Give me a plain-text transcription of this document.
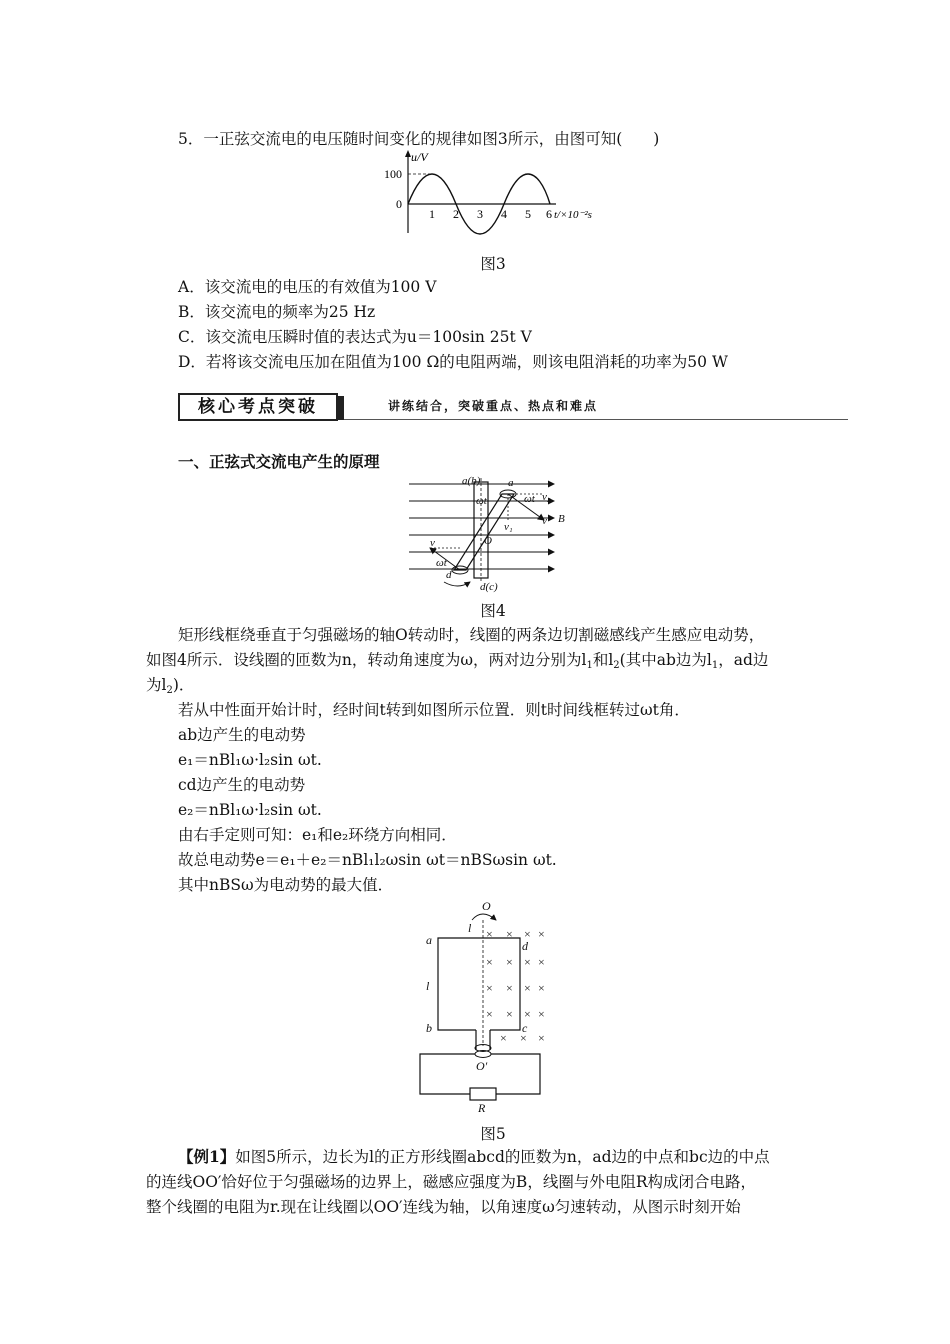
5．一正弦交流电的电压随时间变化的规律如图3所示，由图可知(　　)
u/V
100
0
1 2 3 4 5 6 t/×10⁻²s
图3
A．该交流电的电压的有效值为100 V
B．该交流电的频率为25 Hz
C．该交流电压瞬时值的表达式为u＝100sin 25t V
D．若将该交流电压加在阻值为100 Ω的电阻两端，则该电阻消耗的功率为50 W
核心考点突破	讲练结合，突破重点、热点和难点
一、正弦式交流电产生的原理
a(b)	a
ωt	ωt v₂
v B
v₁
O
v
ωt
d
d(c)
图4
矩形线框绕垂直于匀强磁场的轴O转动时，线圈的两条边切割磁感线产生感应电动势，
如图4所示．设线圈的匝数为n，转动角速度为ω，两对边分别为$l_1$和$l_2$(其中ab边为$l_1$，ad边
为$l_2$)．
若从中性面开始计时，经时间t转到如图所示位置．则t时间线框转过ωt角．
ab边产生的电动势
e₁＝nBl₁ω·l₂sin ωt.
cd边产生的电动势
e₂＝nBl₁ω·l₂sin ωt.
由右手定则可知：e₁和e₂环绕方向相同．
故总电动势e＝e₁＋e₂＝nBl₁l₂ωsin ωt＝nBSωsin ωt.
其中nBSω为电动势的最大值．
× × × ×
× × × ×
× × × ×
× × × ×
× × ×
O
l
a	d
l
b	c
O′
R
图5
【例1】如图5所示，边长为l的正方形线圈abcd的匝数为n，ad边的中点和bc边的中点
的连线OO′恰好位于匀强磁场的边界上，磁感应强度为B，线圈与外电阻R构成闭合电路，
整个线圈的电阻为r.现在让线圈以OO′连线为轴，以角速度ω匀速转动，从图示时刻开始
